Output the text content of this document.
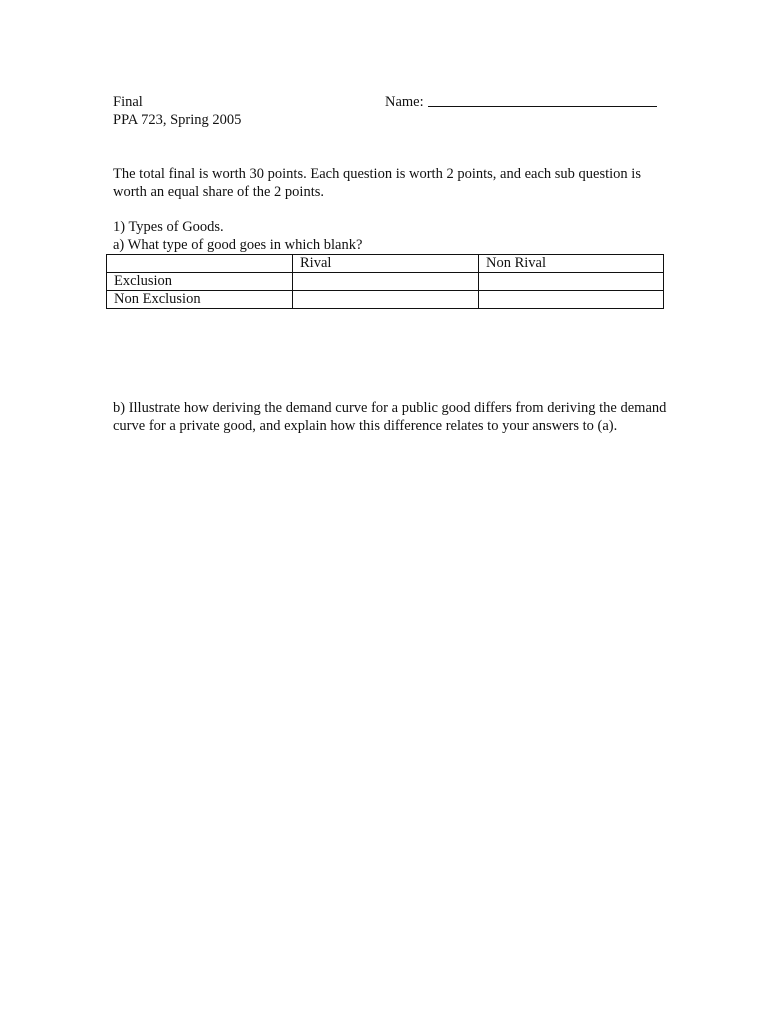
Final
PPA 723, Spring 2005
Name:
The total final is worth 30 points. Each question is worth 2 points, and each sub question is worth an equal share of the 2 points.
1) Types of Goods.
a) What type of good goes in which blank?
	Rival	Non Rival
Exclusion		
Non Exclusion		
b) Illustrate how deriving the demand curve for a public good differs from deriving the demand curve for a private good, and explain how this difference relates to your answers to (a).
